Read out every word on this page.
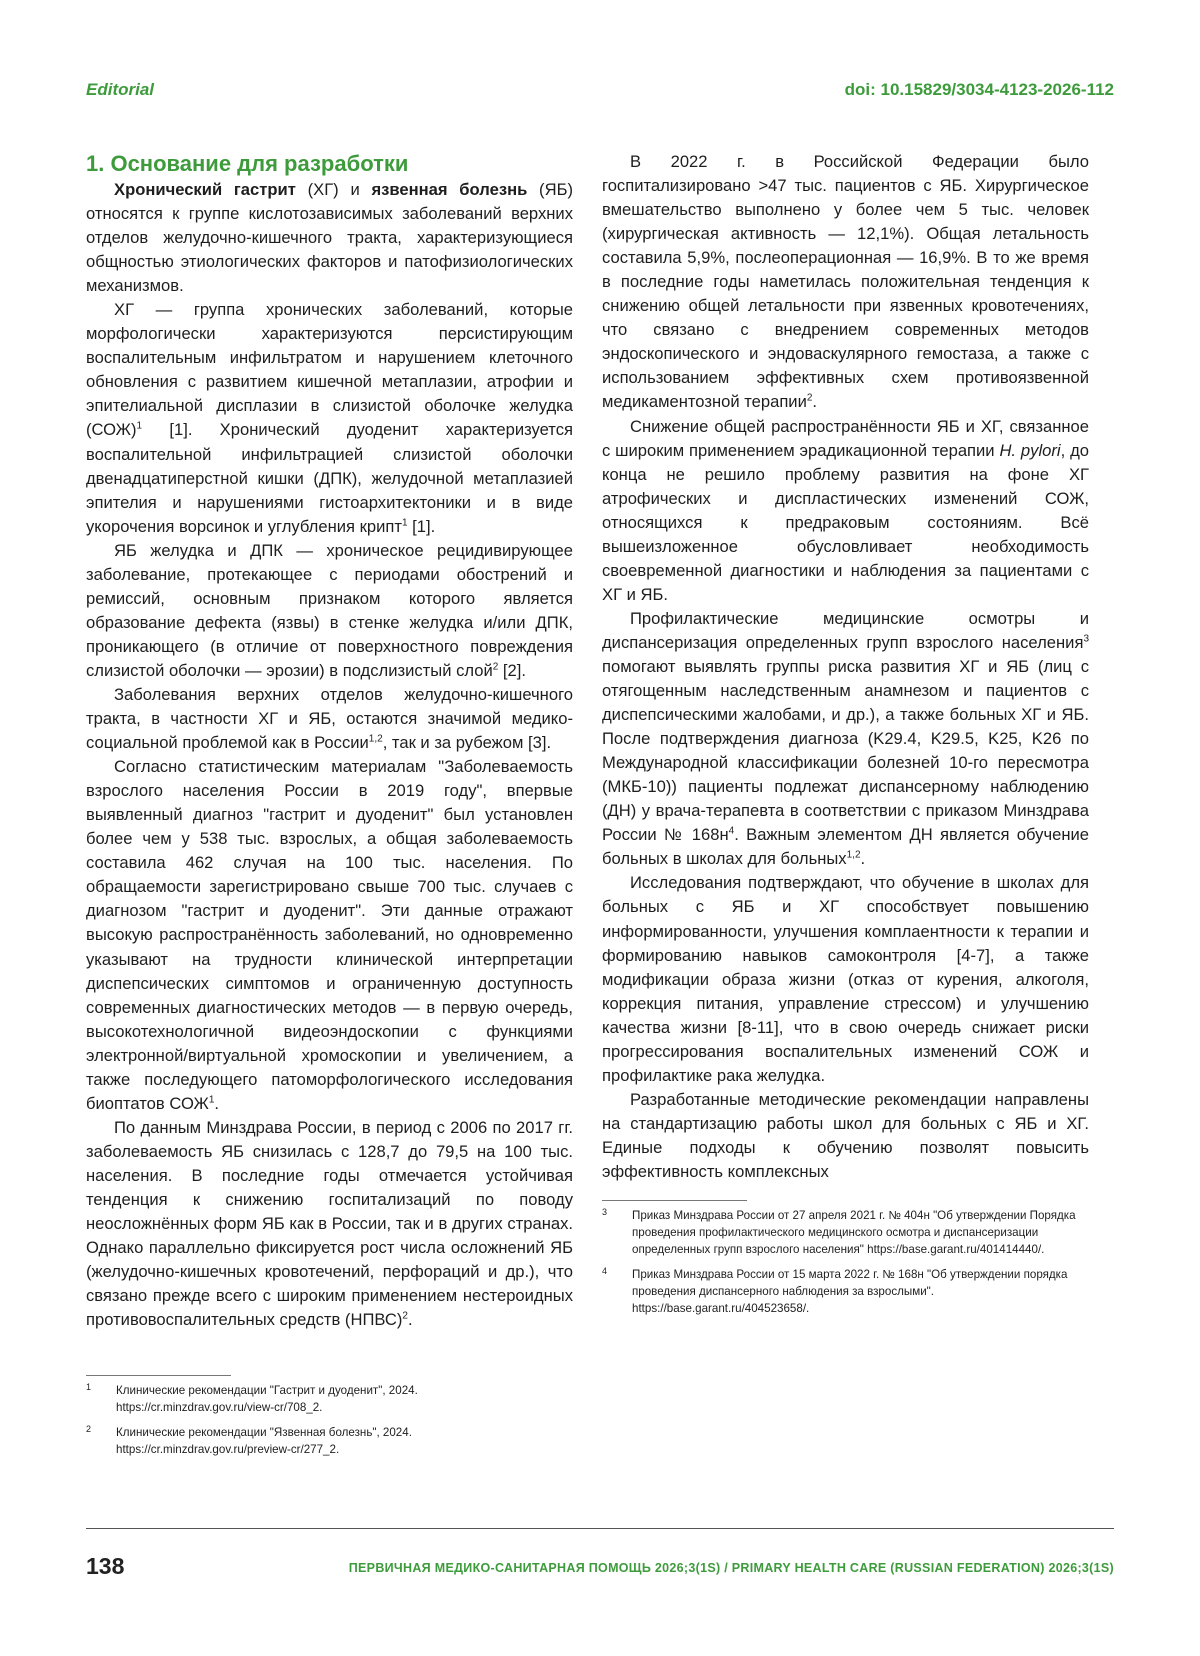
Editorial	doi: 10.15829/3034-4123-2026-112
1. Основание для разработки

Хронический гастрит (ХГ) и язвенная болезнь (ЯБ) относятся к группе кислотозависимых заболеваний верхних отделов желудочно-кишечного тракта, характеризующиеся общностью этиологических факторов и патофизиологических механизмов.

ХГ — группа хронических заболеваний, которые морфологически характеризуются персистирующим воспалительным инфильтратом и нарушением клеточного обновления с развитием кишечной метаплазии, атрофии и эпителиальной дисплазии в слизистой оболочке желудка (СОЖ)$^1$ [1]. Хронический дуоденит характеризуется воспалительной инфильтрацией слизистой оболочки двенадцатиперстной кишки (ДПК), желудочной метаплазией эпителия и нарушениями гистоархитектоники и в виде укорочения ворсинок и углубления крипт$^1$ [1].

ЯБ желудка и ДПК — хроническое рецидивирующее заболевание, протекающее с периодами обострений и ремиссий, основным признаком которого является образование дефекта (язвы) в стенке желудка и/или ДПК, проникающего (в отличие от поверхностного повреждения слизистой оболочки — эрозии) в подслизистый слой$^2$ [2].

Заболевания верхних отделов желудочно-кишечного тракта, в частности ХГ и ЯБ, остаются значимой медико-социальной проблемой как в России$^{1,2}$, так и за рубежом [3].

Согласно статистическим материалам "Заболеваемость взрослого населения России в 2019 году", впервые выявленный диагноз "гастрит и дуоденит" был установлен более чем у 538 тыс. взрослых, а общая заболеваемость составила 462 случая на 100 тыс. населения. По обращаемости зарегистрировано свыше 700 тыс. случаев с диагнозом "гастрит и дуоденит". Эти данные отражают высокую распространённость заболеваний, но одновременно указывают на трудности клинической интерпретации диспепсических симптомов и ограниченную доступность современных диагностических методов — в первую очередь, высокотехнологичной видеоэндоскопии с функциями электронной/виртуальной хромоскопии и увеличением, а также последующего патоморфологического исследования биоптатов СОЖ$^1$.

По данным Минздрава России, в период с 2006 по 2017 гг. заболеваемость ЯБ снизилась с 128,7 до 79,5 на 100 тыс. населения. В последние годы отмечается устойчивая тенденция к снижению госпитализаций по поводу неосложнённых форм ЯБ как в России, так и в других странах. Однако параллельно фиксируется рост числа осложнений ЯБ (желудочно-кишечных кровотечений, перфораций и др.), что связано прежде всего с широким применением нестероидных противовоспалительных средств (НПВС)$^2$.

В 2022 г. в Российской Федерации было госпитализировано >47 тыс. пациентов с ЯБ. Хирургическое вмешательство выполнено у более чем 5 тыс. человек (хирургическая активность — 12,1%). Общая летальность составила 5,9%, послеоперационная — 16,9%. В то же время в последние годы наметилась положительная тенденция к снижению общей летальности при язвенных кровотечениях, что связано с внедрением современных методов эндоскопического и эндоваскулярного гемостаза, а также с использованием эффективных схем противоязвенной медикаментозной терапии$^2$.

Снижение общей распространённости ЯБ и ХГ, связанное с широким применением эрадикационной терапии H. pylori, до конца не решило проблему развития на фоне ХГ атрофических и диспластических изменений СОЖ, относящихся к предраковым состояниям. Всё вышеизложенное обусловливает необходимость своевременной диагностики и наблюдения за пациентами с ХГ и ЯБ.

Профилактические медицинские осмотры и диспансеризация определенных групп взрослого населения$^3$ помогают выявлять группы риска развития ХГ и ЯБ (лиц с отягощенным наследственным анамнезом и пациентов с диспепсическими жалобами, и др.), а также больных ХГ и ЯБ. После подтверждения диагноза (K29.4, K29.5, K25, K26 по Международной классификации болезней 10-го пересмотра (МКБ-10)) пациенты подлежат диспансерному наблюдению (ДН) у врача-терапевта в соответствии с приказом Минздрава России № $168н^4$. Важным элементом ДН является обучение больных в школах для больных$^{1,2}$.

Исследования подтверждают, что обучение в школах для больных с ЯБ и ХГ способствует повышению информированности, улучшения комплаентности к терапии и формированию навыков самоконтроля [4-7], а также модификации образа жизни (отказ от курения, алкоголя, коррекция питания, управление стрессом) и улучшению качества жизни [8-11], что в свою очередь снижает риски прогрессирования воспалительных изменений СОЖ и профилактике рака желудка.

Разработанные методические рекомендации направлены на стандартизацию работы школ для больных с ЯБ и ХГ. Единые подходы к обучению позволят повысить эффективность комплексных

3 Приказ Минздрава России от 27 апреля 2021 г. № 404н "Об утверждении Порядка проведения профилактического медицинского осмотра и диспансеризации определенных групп взрослого населения" https://base.garant.ru/401414440/.
4 Приказ Минздрава России от 15 марта 2022 г. № 168н "Об утверждении порядка проведения диспансерного наблюдения за взрослыми". https://base.garant.ru/404523658/.
1 Клинические рекомендации "Гастрит и дуоденит", 2024. https://cr.minzdrav.gov.ru/view-cr/708_2.
2 Клинические рекомендации "Язвенная болезнь", 2024. https://cr.minzdrav.gov.ru/preview-cr/277_2.
138	ПЕРВИЧНАЯ МЕДИКО-САНИТАРНАЯ ПОМОЩЬ 2026;3(1S) / PRIMARY HEALTH CARE (RUSSIAN FEDERATION) 2026;3(1S)
